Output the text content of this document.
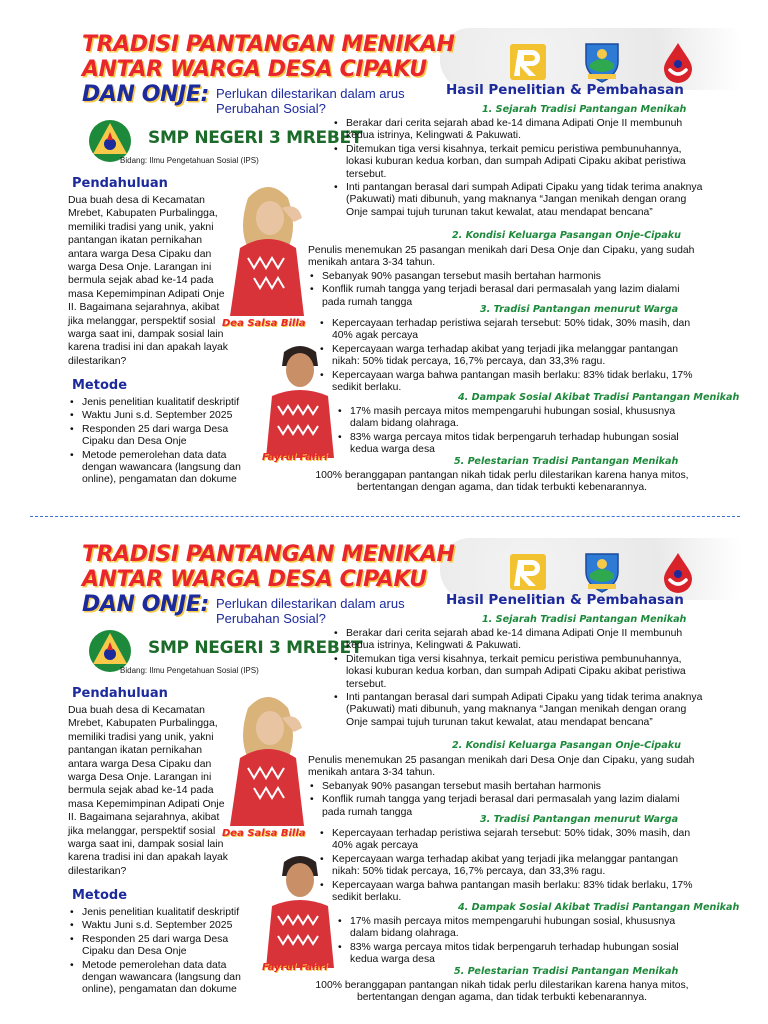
TRADISI PANTANGAN MENIKAH
ANTAR WARGA DESA CIPAKU
DAN ONJE: Perlukan dilestarikan dalam arus Perubahan Sosial?
SMP NEGERI 3 MREBET
Bidang: Ilmu Pengetahuan Sosial (IPS)
Pendahuluan

Dua buah desa di Kecamatan Mrebet, Kabupaten Purbalingga, memiliki tradisi yang unik, yakni pantangan ikatan pernikahan antara warga Desa Cipaku dan warga Desa Onje. Larangan ini bermula sejak abad ke-14 pada masa Kepemimpinan Adipati Onje II. Bagaimana sejarahnya, akibat jika melanggar, perspektif sosial warga saat ini, dampak sosial lain karena tradisi ini dan apakah layak dilestarikan?

Metode
• Jenis penelitian kualitatif deskriptif
• Waktu Juni s.d. September 2025
• Responden 25 dari warga Desa Cipaku dan Desa Onje
• Metode pemerolehan data data dengan wawancara (langsung dan online), pengamatan dan dokume
Dea Salsa Billa
Fayrul Fahri
Hasil Penelitian & Pembahasan
1. Sejarah Tradisi Pantangan Menikah
• Berakar dari cerita sejarah abad ke-14 dimana Adipati Onje II membunuh kedua istrinya, Kelingwati & Pakuwati.
• Ditemukan tiga versi kisahnya, terkait pemicu peristiwa pembunuhannya, lokasi kuburan kedua korban, dan sumpah Adipati Cipaku akibat peristiwa tersebut.
• Inti pantangan berasal dari sumpah Adipati Cipaku yang tidak terima anaknya (Pakuwati) mati dibunuh, yang maknanya “Jangan menikah dengan orang Onje sampai tujuh turunan takut kewalat, atau mendapat bencana”
2. Kondisi Keluarga Pasangan Onje-Cipaku
Penulis menemukan 25 pasangan menikah dari Desa Onje dan Cipaku, yang sudah menikah antara 3-34 tahun.
• Sebanyak 90% pasangan tersebut masih bertahan harmonis
• Konflik rumah tangga yang terjadi berasal dari permasalah yang lazim dialami pada rumah tangga
3. Tradisi Pantangan menurut Warga
• Kepercayaan terhadap peristiwa sejarah tersebut: 50% tidak, 30% masih, dan 40% agak percaya
• Kepercayaan warga terhadap akibat yang terjadi jika melanggar pantangan nikah: 50% tidak percaya, 16,7% percaya, dan 33,3% ragu.
• Kepercayaan warga bahwa pantangan masih berlaku: 83% tidak berlaku, 17% sedikit berlaku.
4. Dampak Sosial Akibat Tradisi Pantangan Menikah
• 17% masih percaya mitos mempengaruhi hubungan sosial, khususnya dalam bidang olahraga.
• 83% warga percaya mitos tidak berpengaruh terhadap hubungan sosial kedua warga desa
5. Pelestarian Tradisi Pantangan Menikah

100% beranggapan pantangan nikah tidak perlu dilestarikan karena hanya mitos, bertentangan dengan agama, dan tidak terbukti kebenarannya.

TRADISI PANTANGAN MENIKAH
ANTAR WARGA DESA CIPAKU
DAN ONJE: Perlukan dilestarikan dalam arus Perubahan Sosial?
SMP NEGERI 3 MREBET
Bidang: Ilmu Pengetahuan Sosial (IPS)
Pendahuluan

Dua buah desa di Kecamatan Mrebet, Kabupaten Purbalingga, memiliki tradisi yang unik, yakni pantangan ikatan pernikahan antara warga Desa Cipaku dan warga Desa Onje. Larangan ini bermula sejak abad ke-14 pada masa Kepemimpinan Adipati Onje II. Bagaimana sejarahnya, akibat jika melanggar, perspektif sosial warga saat ini, dampak sosial lain karena tradisi ini dan apakah layak dilestarikan?

Metode
• Jenis penelitian kualitatif deskriptif
• Waktu Juni s.d. September 2025
• Responden 25 dari warga Desa Cipaku dan Desa Onje
• Metode pemerolehan data data dengan wawancara (langsung dan online), pengamatan dan dokume
Dea Salsa Billa
Fayrul Fahri
Hasil Penelitian & Pembahasan
1. Sejarah Tradisi Pantangan Menikah
• Berakar dari cerita sejarah abad ke-14 dimana Adipati Onje II membunuh kedua istrinya, Kelingwati & Pakuwati.
• Ditemukan tiga versi kisahnya, terkait pemicu peristiwa pembunuhannya, lokasi kuburan kedua korban, dan sumpah Adipati Cipaku akibat peristiwa tersebut.
• Inti pantangan berasal dari sumpah Adipati Cipaku yang tidak terima anaknya (Pakuwati) mati dibunuh, yang maknanya “Jangan menikah dengan orang Onje sampai tujuh turunan takut kewalat, atau mendapat bencana”
2. Kondisi Keluarga Pasangan Onje-Cipaku
Penulis menemukan 25 pasangan menikah dari Desa Onje dan Cipaku, yang sudah menikah antara 3-34 tahun.
• Sebanyak 90% pasangan tersebut masih bertahan harmonis
• Konflik rumah tangga yang terjadi berasal dari permasalah yang lazim dialami pada rumah tangga
3. Tradisi Pantangan menurut Warga
• Kepercayaan terhadap peristiwa sejarah tersebut: 50% tidak, 30% masih, dan 40% agak percaya
• Kepercayaan warga terhadap akibat yang terjadi jika melanggar pantangan nikah: 50% tidak percaya, 16,7% percaya, dan 33,3% ragu.
• Kepercayaan warga bahwa pantangan masih berlaku: 83% tidak berlaku, 17% sedikit berlaku.
4. Dampak Sosial Akibat Tradisi Pantangan Menikah
• 17% masih percaya mitos mempengaruhi hubungan sosial, khususnya dalam bidang olahraga.
• 83% warga percaya mitos tidak berpengaruh terhadap hubungan sosial kedua warga desa
5. Pelestarian Tradisi Pantangan Menikah

100% beranggapan pantangan nikah tidak perlu dilestarikan karena hanya mitos, bertentangan dengan agama, dan tidak terbukti kebenarannya.
